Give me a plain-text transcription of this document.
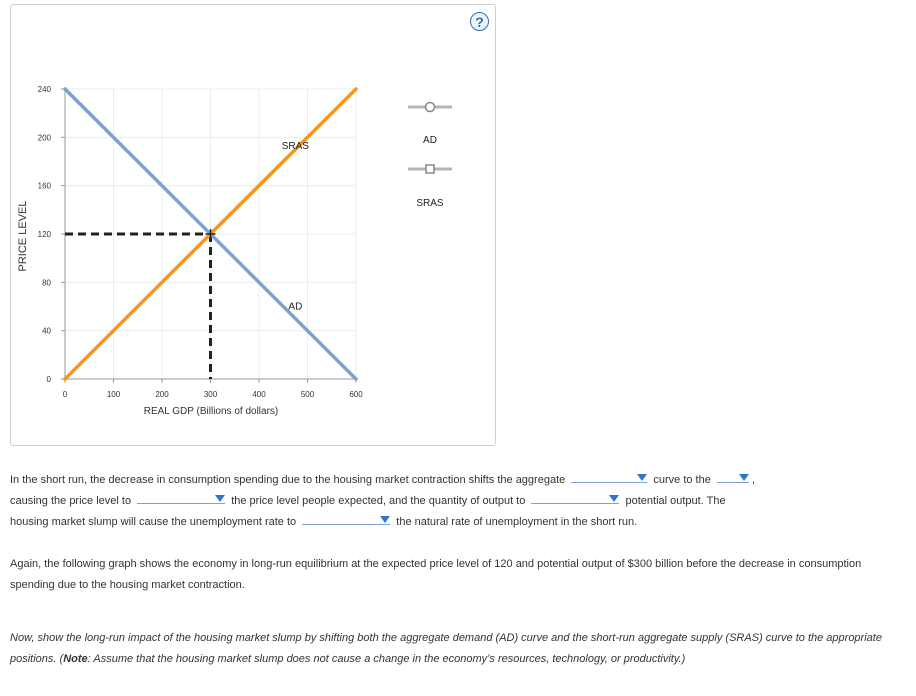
?
0	100	200	300	400	500	600
0
40
80
120
160
200
240
SRAS
AD
AD
SRAS
REAL GDP (Billions of dollars)
PRICE LEVEL
In the short run, the decrease in consumption spending due to the housing market contraction shifts the aggregate	curve to the	,
causing the price level to	the price level people expected, and the quantity of output to	potential output. The
housing market slump will cause the unemployment rate to	the natural rate of unemployment in the short run.
Again, the following graph shows the economy in long-run equilibrium at the expected price level of 120 and potential output of $300 billion before the decrease in consumption spending due to the housing market contraction.
Now, show the long-run impact of the housing market slump by shifting both the aggregate demand (AD) curve and the short-run aggregate supply (SRAS) curve to the appropriate positions. (Note: Assume that the housing market slump does not cause a change in the economy’s resources, technology, or productivity.)
